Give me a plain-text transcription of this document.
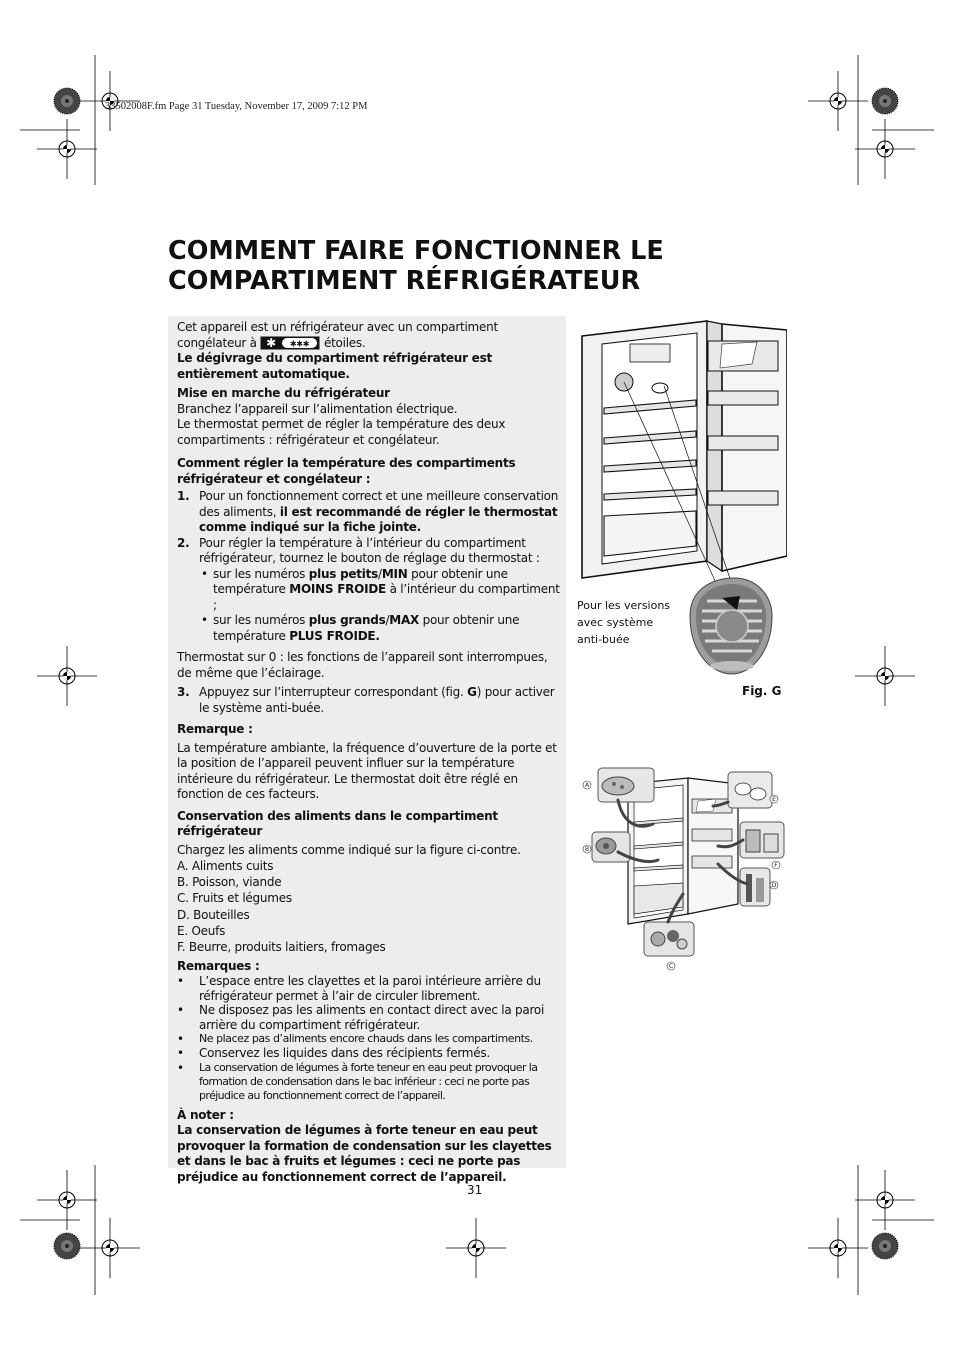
33502008F.fm Page 31 Tuesday, November 17, 2009 7:12 PM
COMMENT FAIRE FONCTIONNER LE
COMPARTIMENT RÉFRIGÉRATEUR

Cet appareil est un réfrigérateur avec un compartiment

congélateur à ✱ ✱✱✱ étoiles.

Le dégivrage du compartiment réfrigérateur est entièrement automatique.

Mise en marche du réfrigérateur

Branchez l’appareil sur l’alimentation électrique.

Le thermostat permet de régler la température des deux compartiments : réfrigérateur et congélateur.

Comment régler la température des compartiments réfrigérateur et congélateur :

1. Pour un fonctionnement correct et une meilleure conservation des aliments, il est recommandé de régler le thermostat comme indiqué sur la fiche jointe.
2. Pour régler la température à l’intérieur du compartiment réfrigérateur, tournez le bouton de réglage du thermostat :
• sur les numéros plus petits/MIN pour obtenir une température MOINS FROIDE à l’intérieur du compartiment ;
• sur les numéros plus grands/MAX pour obtenir une température PLUS FROIDE.

Thermostat sur 0 : les fonctions de l’appareil sont interrompues, de même que l’éclairage.

3. Appuyez sur l’interrupteur correspondant (fig. G) pour activer le système anti-buée.

Remarque :

La température ambiante, la fréquence d’ouverture de la porte et la position de l’appareil peuvent influer sur la température intérieure du réfrigérateur. Le thermostat doit être réglé en fonction de ces facteurs.

Conservation des aliments dans le compartiment réfrigérateur

Chargez les aliments comme indiqué sur la figure ci-contre.

A. Aliments cuits

B. Poisson, viande

C. Fruits et légumes

D. Bouteilles

E. Oeufs

F. Beurre, produits laitiers, fromages

Remarques :

•	L’espace entre les clayettes et la paroi intérieure arrière du réfrigérateur permet à l’air de circuler librement.
•	Ne disposez pas les aliments en contact direct avec la paroi arrière du compartiment réfrigérateur.
•	Ne placez pas d’aliments encore chauds dans les compartiments.
•	Conservez les liquides dans des récipients fermés.
•	La conservation de légumes à forte teneur en eau peut provoquer la formation de condensation dans le bac inférieur : ceci ne porte pas préjudice au fonctionnement correct de l’appareil.

À noter :

La conservation de légumes à forte teneur en eau peut provoquer la formation de condensation sur les clayettes et dans le bac à fruits et légumes : ceci ne porte pas préjudice au fonctionnement correct de l’appareil.

Pour les versions
avec système
anti-buée
Fig. G
A
B
C
D
E
F
31
